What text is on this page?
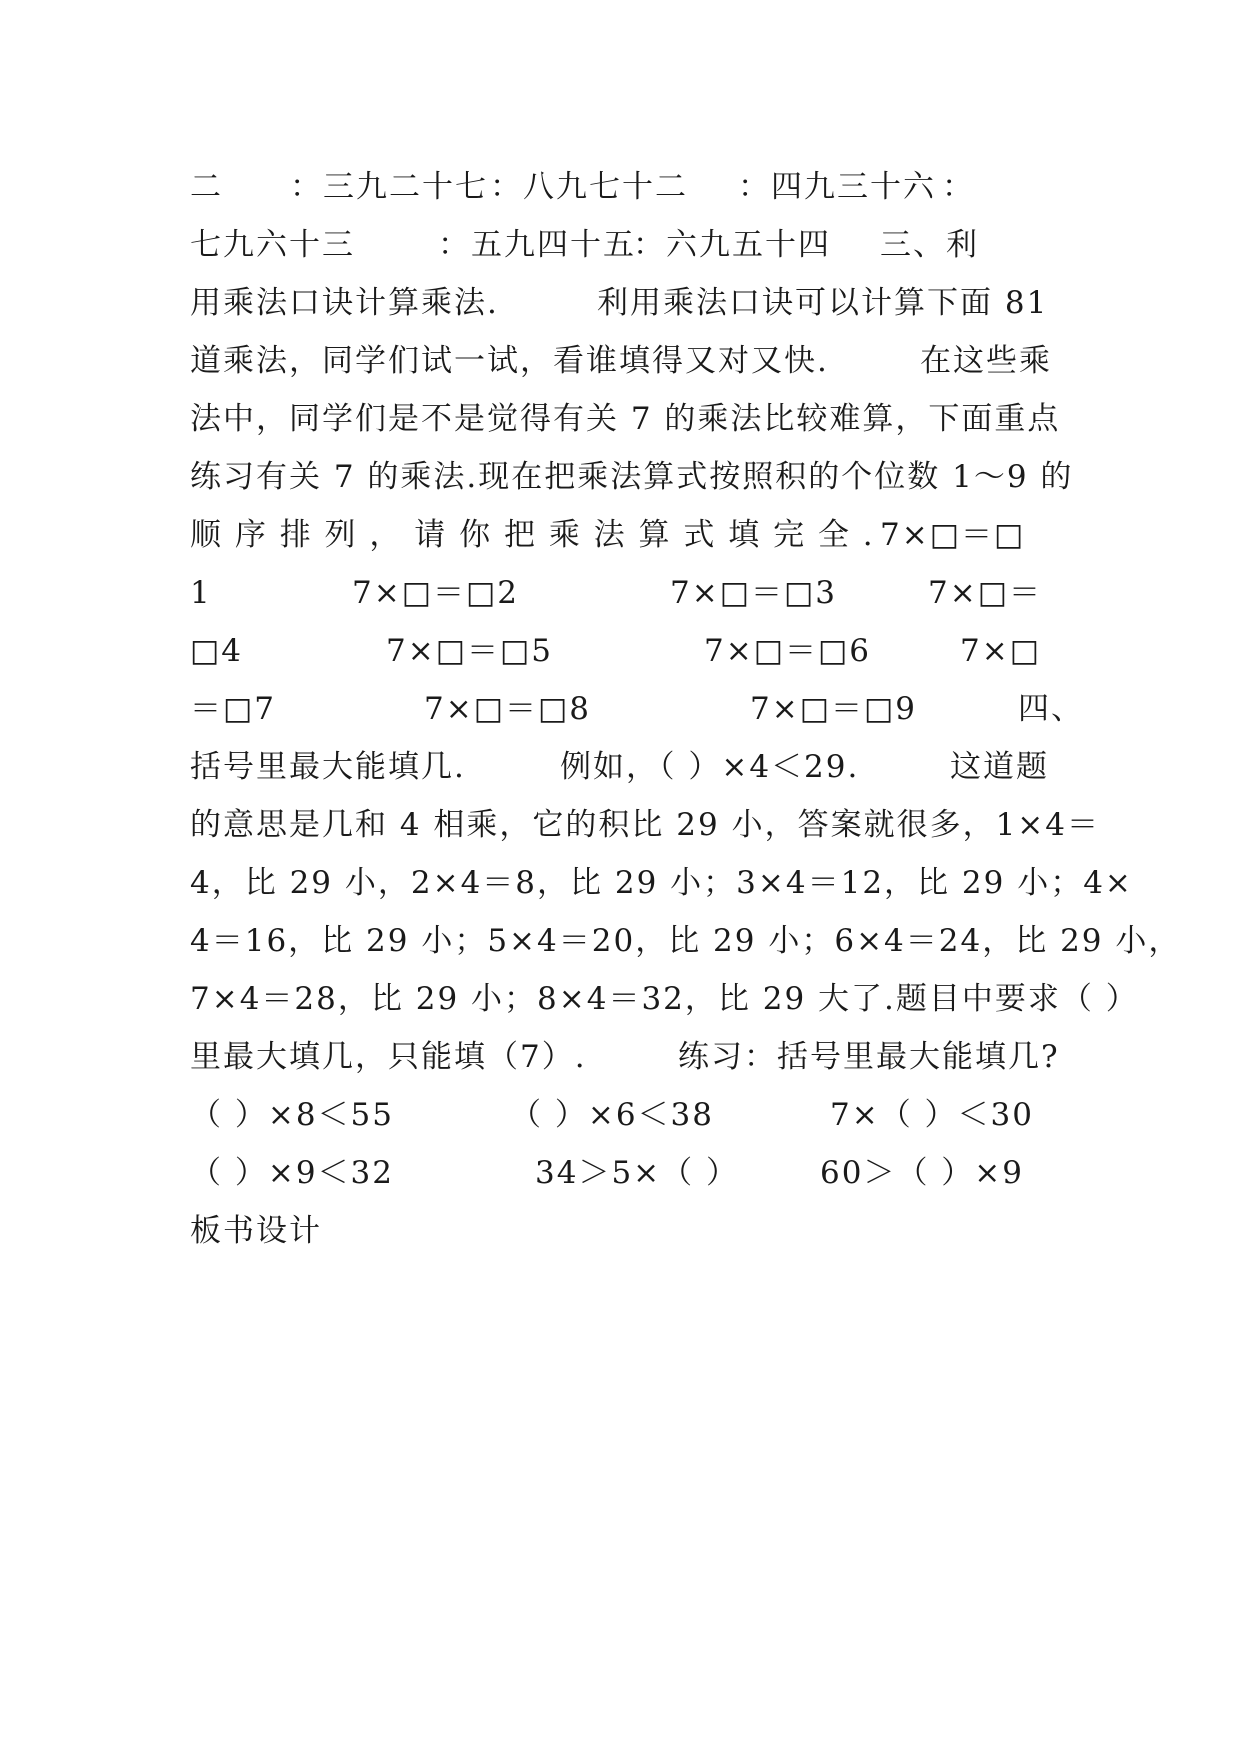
二 ：三九二十七 ：八九七十二 ：四九三十六 ：
七九六十三	：五九四十五
：六九五十四 三、利
用乘法口诀计算乘法.	利用乘法口诀可以计算下面 81
道乘法，同学们试一试，看谁填得又对又快.	在这些乘
法中，同学们是不是觉得有关 7 的乘法比较难算，下面重点
练习有关 7 的乘法.现在把乘法算式按照积的个位数 1～9 的
顺 序 排 列 ， 请 你 把 乘 法 算 式 填 完 全 . 7×□＝□
1	7×□＝□2	7×□＝□3	7×□＝
□4	7×□＝□5	7×□＝□6	7×□
＝□7	7×□＝□8	7×□＝□9	四、
括号里最大能填几.	例如，（ ）×4＜29.	这道题
的意思是几和 4 相乘，它的积比 29 小，答案就很多，1×4＝
4，比 29 小，2×4＝8，比 29 小；3×4＝12，比 29 小；4×
4＝16，比 29 小；5×4＝20，比 29 小；6×4＝24，比 29 小，
7×4＝28，比 29 小；8×4＝32，比 29 大了.题目中要求（ ）
里最大填几，只能填（7）.	练习：括号里最大能填几?
（ ）×8＜55	（ ）×6＜38	7×（ ）＜30
（ ）×9＜32	34＞5×（ ）	60＞（ ）×9
板书设计
